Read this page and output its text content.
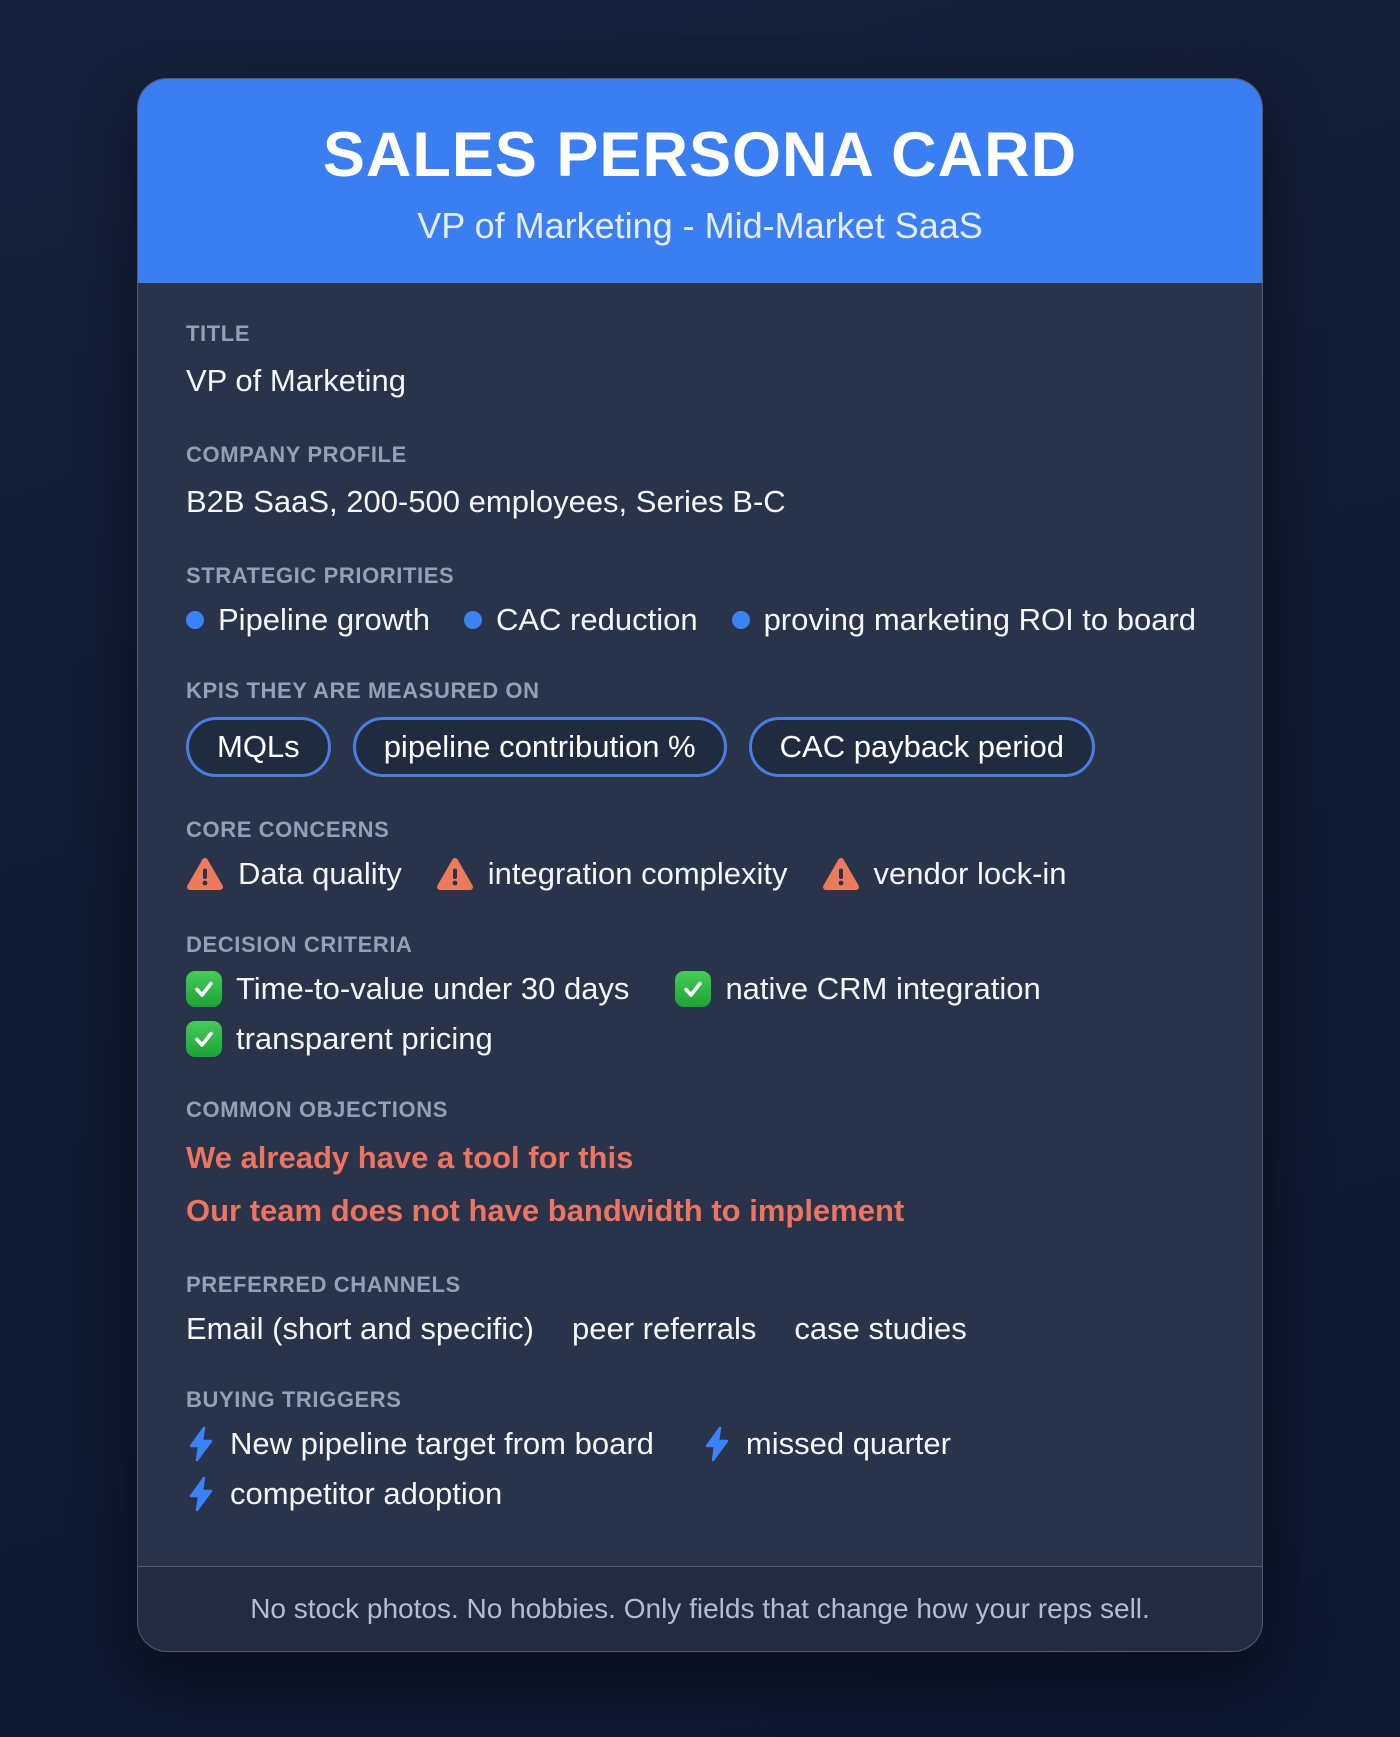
SALES PERSONA CARD
VP of Marketing - Mid-Market SaaS
TITLE
VP of Marketing
COMPANY PROFILE
B2B SaaS, 200-500 employees, Series B-C
STRATEGIC PRIORITIES
Pipeline growth CAC reduction proving marketing ROI to board
KPIS THEY ARE MEASURED ON
MQLs	pipeline contribution %	CAC payback period
CORE CONCERNS
Data quality	integration complexity	vendor lock-in
DECISION CRITERIA
Time-to-value under 30 days	native CRM integration
transparent pricing
COMMON OBJECTIONS
We already have a tool for this
Our team does not have bandwidth to implement
PREFERRED CHANNELS
Email (short and specific) peer referrals case studies
BUYING TRIGGERS
New pipeline target from board	missed quarter
competitor adoption
No stock photos. No hobbies. Only fields that change how your reps sell.
